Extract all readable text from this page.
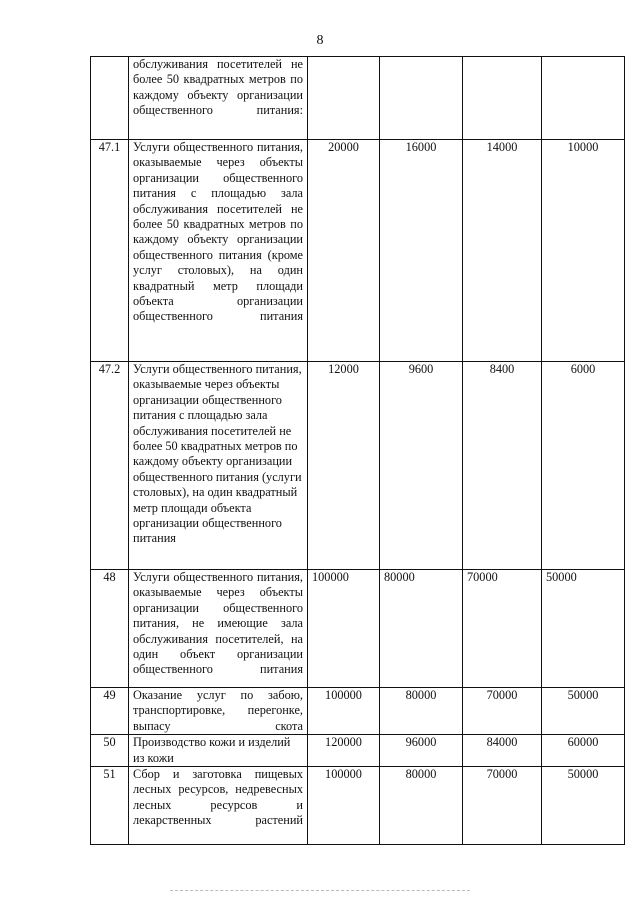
8
	обслуживания посетителей не более 50 квадратных метров по каждому объекту организации общественного питания:				
47.1	Услуги общественного питания, оказываемые через объекты организации общественного питания с площадью зала обслуживания посетителей не более 50 квадратных метров по каждому объекту организации общественного питания (кроме услуг столовых), на один квадратный метр площади объекта организации общественного питания	20000	16000	14000	10000
47.2	Услуги общественного питания, оказываемые через объекты организации общественного питания с площадью зала обслуживания посетителей не более 50 квадратных метров по каждому объекту организации общественного питания (услуги столовых), на один квадратный метр площади объекта организации общественного питания	12000	9600	8400	6000
48	Услуги общественного питания, оказываемые через объекты организации общественного питания, не имеющие зала обслуживания посетителей, на один объект организации общественного питания	100000	80000	70000	50000
49	Оказание услуг по забою, транспортировке, перегонке, выпасу скота	100000	80000	70000	50000
50	Производство кожи и изделий из кожи	120000	96000	84000	60000
51	Сбор и заготовка пищевых лесных ресурсов, недревесных лесных ресурсов и лекарственных растений	100000	80000	70000	50000
